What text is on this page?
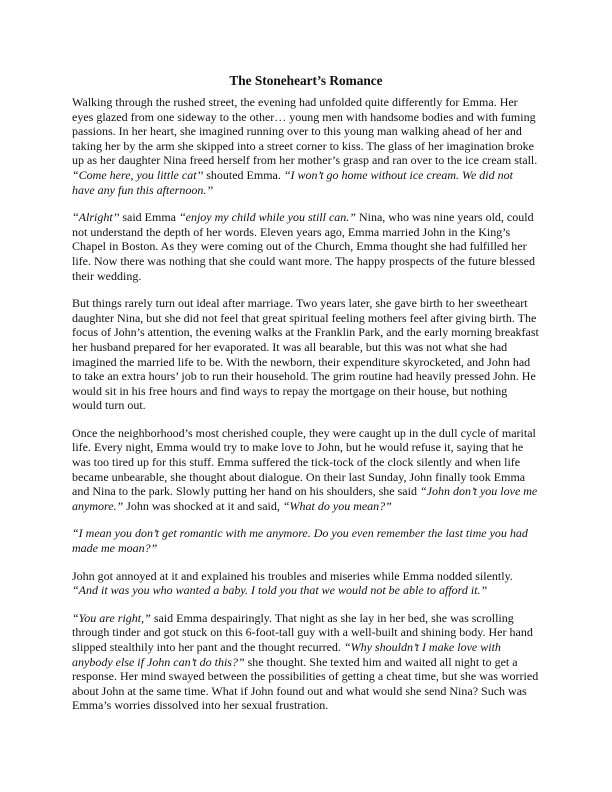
The Stoneheart’s Romance
Walking through the rushed street, the evening had unfolded quite differently for Emma. Her
eyes glazed from one sideway to the other… young men with handsome bodies and with fuming
passions. In her heart, she imagined running over to this young man walking ahead of her and
taking her by the arm she skipped into a street corner to kiss. The glass of her imagination broke
up as her daughter Nina freed herself from her mother’s grasp and ran over to the ice cream stall.
“Come here, you little cat’’ shouted Emma. ‘‘I won’t go home without ice cream. We did not
have any fun this afternoon.’’
‘‘Alright’’ said Emma ‘‘enjoy my child while you still can.” Nina, who was nine years old, could
not understand the depth of her words. Eleven years ago, Emma married John in the King’s
Chapel in Boston. As they were coming out of the Church, Emma thought she had fulfilled her
life. Now there was nothing that she could want more. The happy prospects of the future blessed
their wedding.
But things rarely turn out ideal after marriage. Two years later, she gave birth to her sweetheart
daughter Nina, but she did not feel that great spiritual feeling mothers feel after giving birth. The
focus of John’s attention, the evening walks at the Franklin Park, and the early morning breakfast
her husband prepared for her evaporated. It was all bearable, but this was not what she had
imagined the married life to be. With the newborn, their expenditure skyrocketed, and John had
to take an extra hours’ job to run their household. The grim routine had heavily pressed John. He
would sit in his free hours and find ways to repay the mortgage on their house, but nothing
would turn out.
Once the neighborhood’s most cherished couple, they were caught up in the dull cycle of marital
life. Every night, Emma would try to make love to John, but he would refuse it, saying that he
was too tired up for this stuff. Emma suffered the tick-tock of the clock silently and when life
became unbearable, she thought about dialogue. On their last Sunday, John finally took Emma
and Nina to the park. Slowly putting her hand on his shoulders, she said “John don’t you love me
anymore.” John was shocked at it and said, “What do you mean?”
“I mean you don’t get romantic with me anymore. Do you even remember the last time you had
made me moan?”
John got annoyed at it and explained his troubles and miseries while Emma nodded silently.
“And it was you who wanted a baby. I told you that we would not be able to afford it.”
“You are right,” said Emma despairingly. That night as she lay in her bed, she was scrolling
through tinder and got stuck on this 6-foot-tall guy with a well-built and shining body. Her hand
slipped stealthily into her pant and the thought recurred. “Why shouldn’t I make love with
anybody else if John can’t do this?” she thought. She texted him and waited all night to get a
response. Her mind swayed between the possibilities of getting a cheat time, but she was worried
about John at the same time. What if John found out and what would she send Nina? Such was
Emma’s worries dissolved into her sexual frustration.
